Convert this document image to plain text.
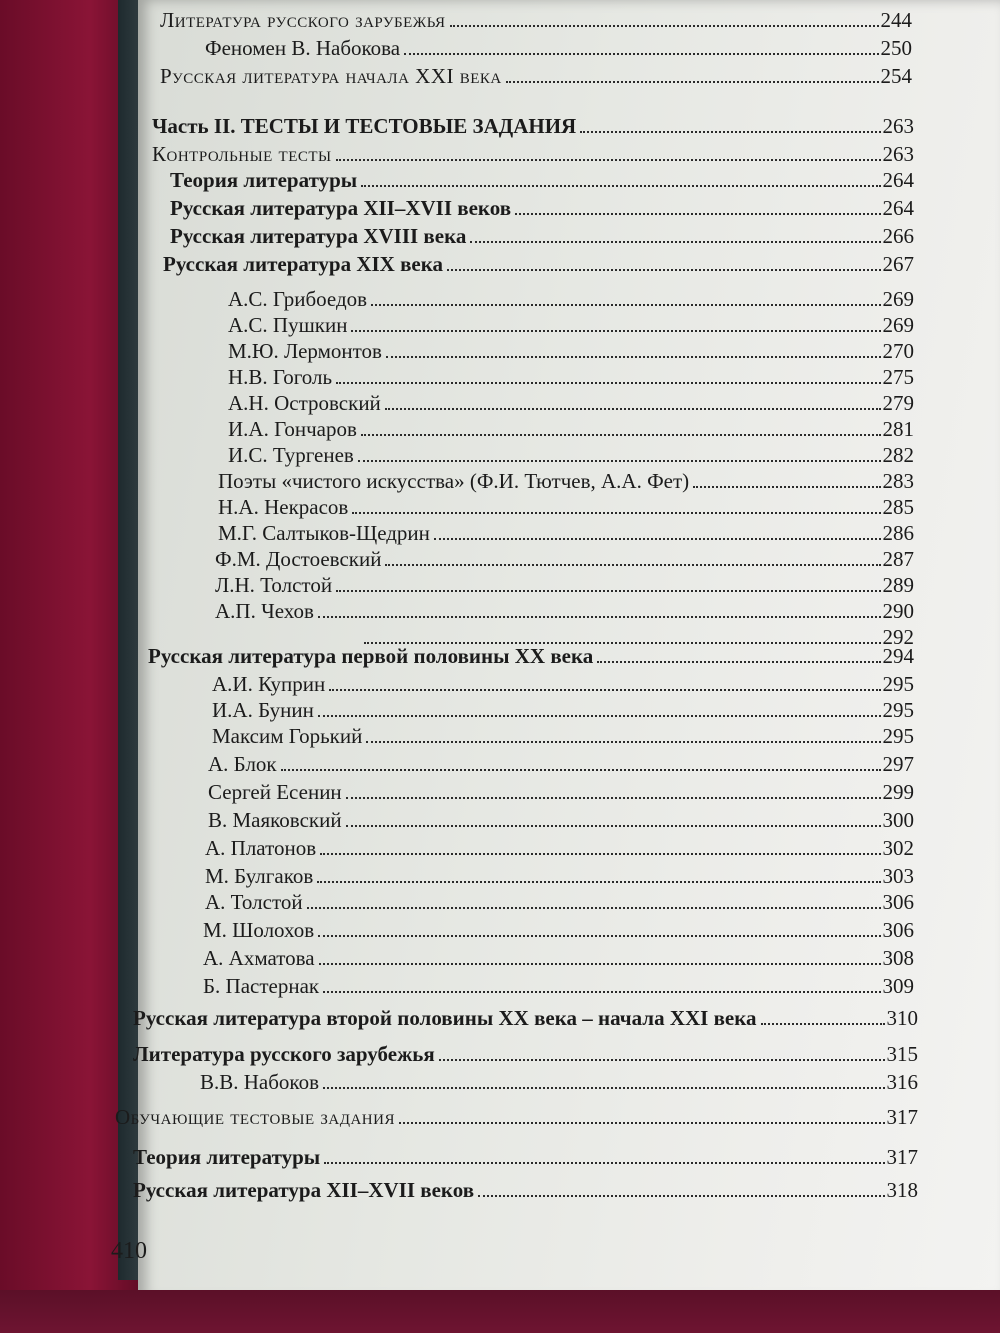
Литература русского зарубежья	244
Феномен В. Набокова	250
Русская литература начала XXI века	254
Часть II. ТЕСТЫ И ТЕСТОВЫЕ ЗАДАНИЯ	263
Контрольные тесты	263
Теория литературы	264
Русская литература XII–XVII веков	264
Русская литература XVIII века	266
Русская литература XIX века	267
А.С. Грибоедов	269
А.С. Пушкин	269
М.Ю. Лермонтов	270
Н.В. Гоголь	275
А.Н. Островский	279
И.А. Гончаров	281
И.С. Тургенев	282
Поэты «чистого искусства» (Ф.И. Тютчев, А.А. Фет)	283
Н.А. Некрасов	285
М.Г. Салтыков-Щедрин	286
Ф.М. Достоевский	287
Л.Н. Толстой	289
А.П. Чехов	290
292
Русская литература первой половины XX века	294
А.И. Куприн	295
И.А. Бунин	295
Максим Горький	295
А. Блок	297
Сергей Есенин	299
В. Маяковский	300
А. Платонов	302
М. Булгаков	303
А. Толстой	306
М. Шолохов	306
А. Ахматова	308
Б. Пастернак	309
Русская литература второй половины XX века – начала XXI века	310
Литература русского зарубежья	315
В.В. Набоков	316
Обучающие тестовые задания	317
Теория литературы	317
Русская литература XII–XVII веков	318
410
